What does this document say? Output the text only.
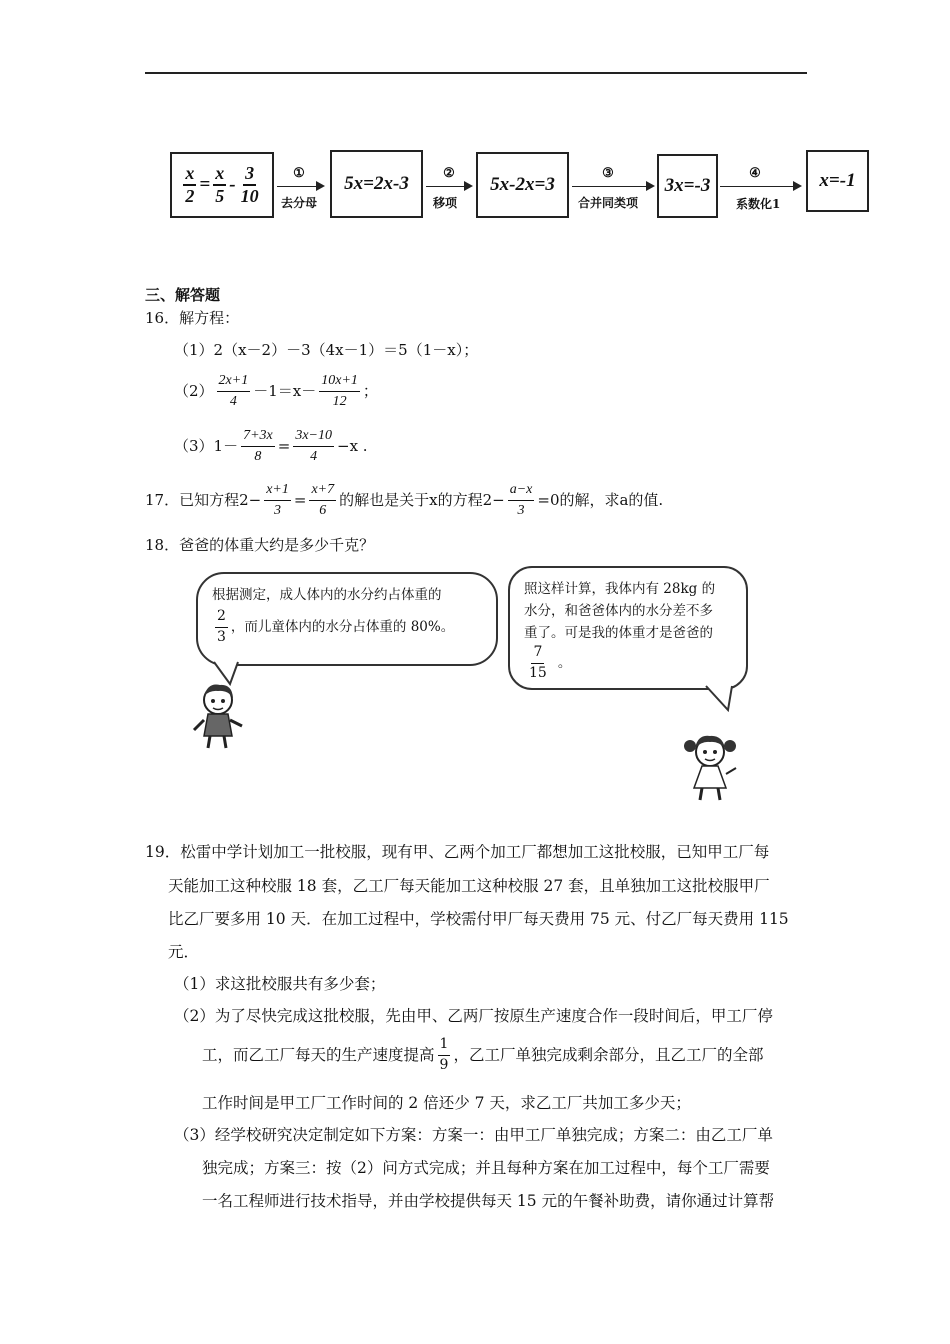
$\frac{x}{2} = \frac{x}{5} - \frac{3}{10}$	①
去分母
5x=2x-3	②
移项
5x-2x=3
③
合并同类项
3x=-3
④
系数化1
x=-1
三、解答题
16．解方程：
（1）2（x－2）－3（4x－1）＝5（1－x）；
$(2) \frac{2x+1}{4} -1=x- \frac{10x+1}{12}$ ；
$(3)1- \frac{7+3x}{8} = \frac{3x-10}{4} -x$ .
17．已知方程$2- \frac{x+1}{3} = \frac{x+7}{6}$ 的解也是关于x的方程$2- \frac{a-x}{3} =0$的解，求a的值.
18．爸爸的体重大约是多少千克？
根据测定，成人体内的水分约占体重的
$\frac{2}{3}$ ，而儿童体内的水分占体重的 80%。
照这样计算，我体内有 28kg 的
水分，和爸爸体内的水分差不多
重了。可是我的体重才是爸爸的
$\frac{7}{15}$ 。
19．松雷中学计划加工一批校服，现有甲、乙两个加工厂都想加工这批校服，已知甲工厂每
天能加工这种校服 18 套，乙工厂每天能加工这种校服 27 套，且单独加工这批校服甲厂
比乙厂要多用 10 天．在加工过程中，学校需付甲厂每天费用 75 元、付乙厂每天费用 115
元．
（1）求这批校服共有多少套；
（2）为了尽快完成这批校服，先由甲、乙两厂按原生产速度合作一段时间后，甲工厂停
工，而乙工厂每天的生产速度提高 $\frac{1}{9}$ ，乙工厂单独完成剩余部分，且乙工厂的全部
工作时间是甲工厂工作时间的 2 倍还少 7 天，求乙工厂共加工多少天；
（3）经学校研究决定制定如下方案：方案一：由甲工厂单独完成；方案二：由乙工厂单
独完成；方案三：按（2）问方式完成；并且每种方案在加工过程中，每个工厂需要
一名工程师进行技术指导，并由学校提供每天 15 元的午餐补助费，请你通过计算帮
